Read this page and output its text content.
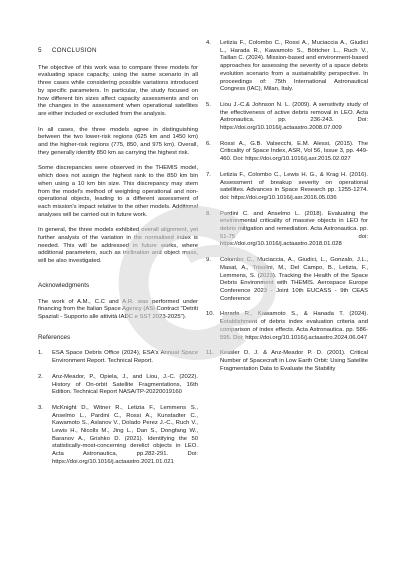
5 CONCLUSION

The objective of this work was to compare three models for evaluating space capacity, using the same scenario in all three cases while considering possible variations introduced by specific parameters. In particular, the study focused on how different bin sizes affect capacity assessments and on the changes in the assessment when operational satellites are either included or excluded from the analysis.

In all cases, the three models agree in distinguishing between the two lower-risk regions (625 km and 1450 km) and the higher-risk regions (775, 850, and 975 km). Overall, they generally identify 850 km as carrying the highest risk.

Some discrepancies were observed in the THEMIS model, which does not assign the highest rank to the 850 km bin when using a 10 km bin size. This discrepancy may stem from the model's method of weighting operational and non-operational objects, leading to a different assessment of each mission's impact relative to the other models. Additional analyses will be carried out in future work.

In general, the three models exhibited overall alignment, yet further analysis of the variation in the normalised index is needed. This will be addressed in future works, where additional parameters, such as inclination and object mass, will be also investigated.

Acknowledgments

The work of A.M., C.C and A.R. was performed under financing from the Italian Space Agency (ASI Contract "Detriti Spaziali - Supporto alle attività IADC e SST 2023-2025").

References
1.	ESA Space Debris Office (2024), ESA's Annual Space Environment Report. Technical Report.
2.	Anz-Meador, P., Opiela, J., and Liou, J.-C. (2022). History of On-orbit Satellite Fragmentations, 16th Edition. Technical Report NASA/TP-20220019160
3.	McKnight D., Witner R., Letizia F., Lemmens S., Anselmo L., Pardini C., Rossi A., Kunstadter C., Kawamoto S., Aslanov V., Dolado Perez J.-C., Ruch V., Lewis H., Nicolls M., Jing L., Dan S., Dongfang W., Baranov A., Grishko D. (2021). Identifying the 50 statistically-most-concerning derelict objects in LEO. Acta Astronautica, pp.282-291. Doi: https://doi.org/10.1016/j.actaastro.2021.01.021
4.	Letizia F., Colombo C., Rossi A., Muciaccia A., Giudici L., Harada R., Kawamoto S., Böttcher L., Ruch V., Taillan C. (2024). Mission-based and environment-based approaches for assessing the severity of a space debris evolution scenario from a sustainability perspective. In proceedings of: 75th International Astronautical Congress (IAC), Milan, Italy.
5.	Liou J.-C.& Johnson N. L. (2009). A sensitivity study of the effectiveness of active debris removal in LEO. Acta Astronautica. pp. 236-243. Doi: https://doi.org/10.1016/j.actaastro.2008.07.009
6.	Rossi A., G.B. Valsecchi, E.M. Alessi, (2015). The Criticality of Space Index, ASR, Vol 56, Issue 3, pp. 449-460. Doi: https://doi.org/10.1016/j.asr.2015.02.027
7.	Letizia F., Colombo C., Lewis H. G., & Krag H. (2016). Assessment of breakup severity on operational satellites. Advances in Space Research pp. 1255-1274. doi: https://doi.org/10.1016/j.asr.2016.05.036
8.	Pardini C. and Anselmo L. (2018). Evaluating the environmental criticality of massive objects in LEO for debris mitigation and remediation. Acta Astronautica. pp. 51-75 doi: https://doi.org/10.1016/j.actaastro.2018.01.028
9.	Colombo C., Muciaccia, A., Giudici, L., Gonzalo, J.L., Masat, A., Trisolini, M., Del Campo, B., Letizia, F., Lemmens, S. (2023). Tracking the Health of the Space Debris Environment with THEMIS. Aerospace Europe Conference 2023 - Joint 10th EUCASS - 9th CEAS Conference
10. Harada R., Kawamoto S., & Hanada T. (2024). Establishment of debris index evaluation criteria and comparison of index effects. Acta Astronautica. pp. 586-595. Doi: https://doi.org/10.1016/j.actaastro.2024.06.047
11.	Kessler D. J. & Anz-Meador P. D. (2001). Critical Number of Spacecraft in Low Earth Orbit: Using Satellite Fragmentation Data to Evaluate the Stability
